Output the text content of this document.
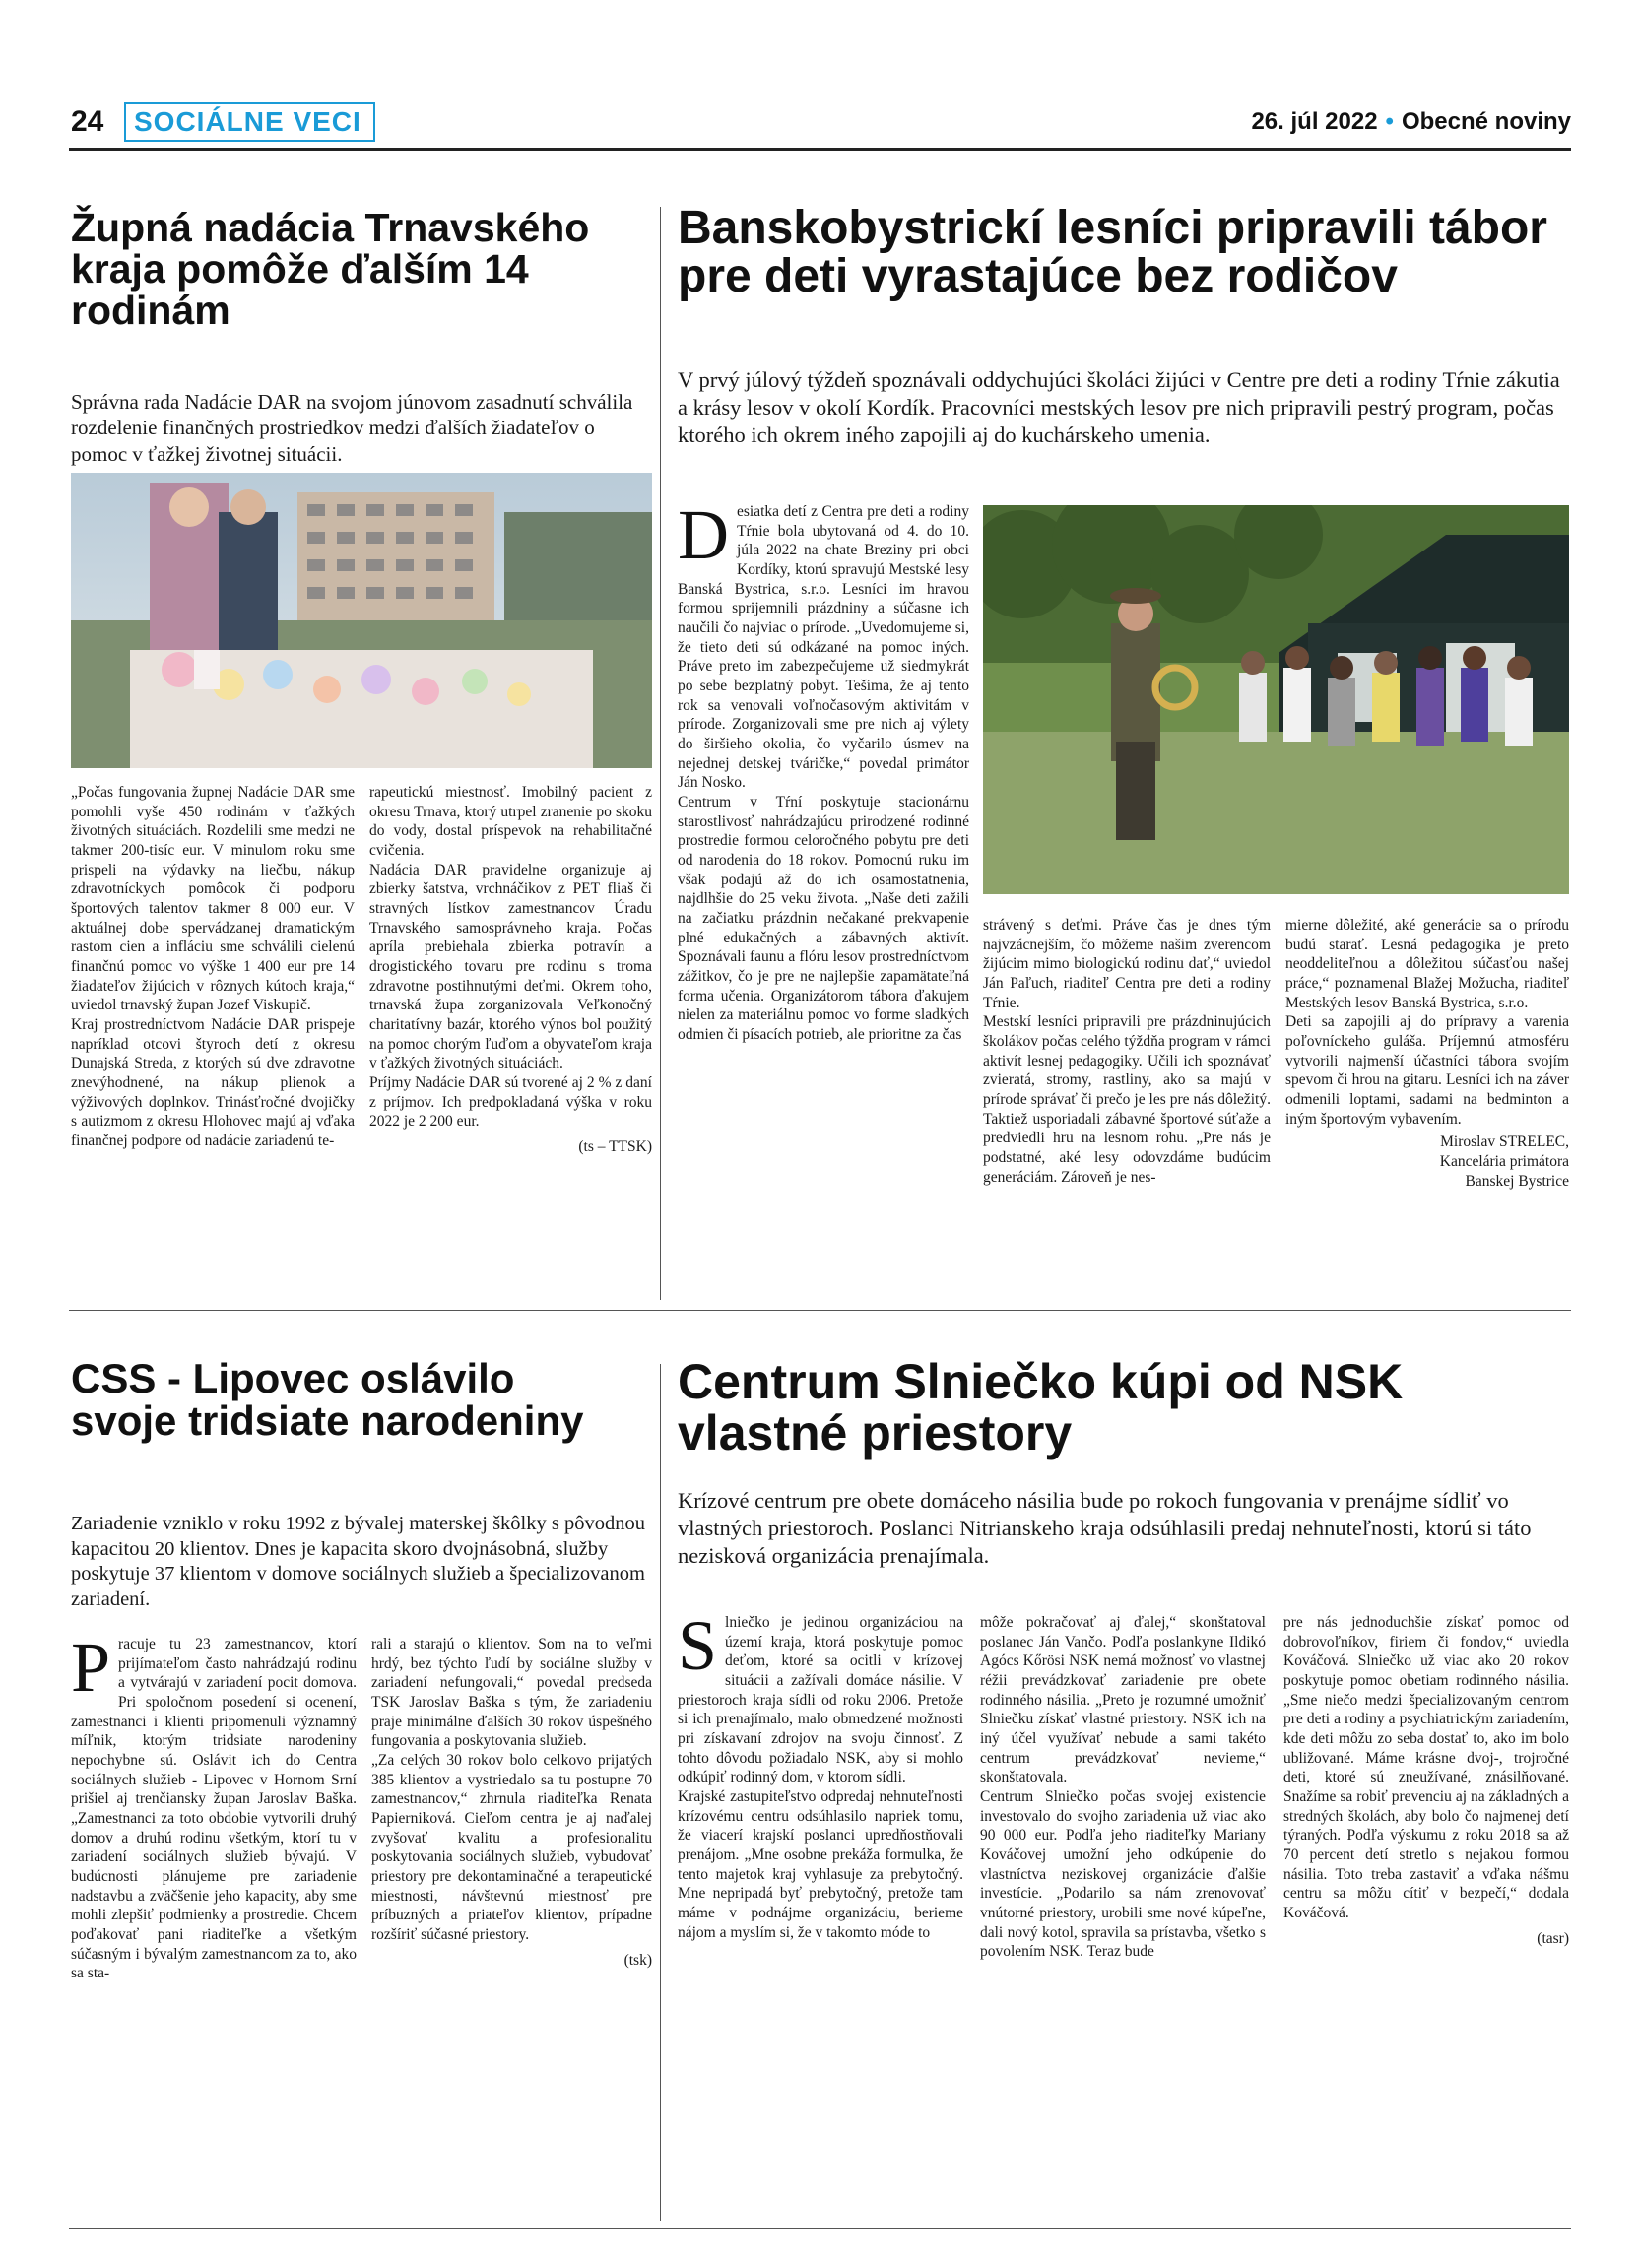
24	SOCIÁLNE VECI	26. júl 2022 • Obecné noviny
Župná nadácia Trnavského kraja pomôže ďalším 14 rodinám
Správna rada Nadácie DAR na svojom júnovom zasadnutí schválila rozdelenie finančných prostriedkov medzi ďalších žiadateľov o pomoc v ťažkej životnej situácii.

„Počas fungovania župnej Nadácie DAR sme pomohli vyše 450 rodinám v ťažkých životných situáciách. Rozdelili sme medzi ne takmer 200-tisíc eur. V minulom roku sme prispeli na výdavky na liečbu, nákup zdravotníckych pomôcok či podporu športových talentov takmer 8 000 eur. V aktuálnej dobe spervádzanej dramatickým rastom cien a infláciu sme schválili cielenú finančnú pomoc vo výške 1 400 eur pre 14 žiadateľov žijúcich v rôznych kútoch kraja,“ uviedol trnavský župan Jozef Viskupič.
Kraj prostredníctvom Nadácie DAR prispeje napríklad otcovi štyroch detí z okresu Dunajská Streda, z ktorých sú dve zdravotne znevýhodnené, na nákup plienok a výživových doplnkov. Trinásťročné dvojičky s autizmom z okresu Hlohovec majú aj vďaka finančnej podpore od nadácie zariadenú te-

rapeutickú miestnosť. Imobilný pacient z okresu Trnava, ktorý utrpel zranenie po skoku do vody, dostal príspevok na rehabilitačné cvičenia.
Nadácia DAR pravidelne organizuje aj zbierky šatstva, vrchnáčikov z PET fliaš či stravných lístkov zamestnancov Úradu Trnavského samosprávneho kraja. Počas apríla prebiehala zbierka potravín a drogistického tovaru pre rodinu s troma zdravotne postihnutými deťmi. Okrem toho, trnavská župa zorganizovala Veľkonočný charitatívny bazár, ktorého výnos bol použitý na pomoc chorým ľuďom a obyvateľom kraja v ťažkých životných situáciách.
Príjmy Nadácie DAR sú tvorené aj 2 % z daní z príjmov. Ich predpokladaná výška v roku 2022 je 2 200 eur.

(ts – TTSK)

Banskobystrickí lesníci pripravili tábor pre deti vyrastajúce bez rodičov
V prvý júlový týždeň spoznávali oddychujúci školáci žijúci v Centre pre deti a rodiny Tŕnie zákutia a krásy lesov v okolí Kordík. Pracovníci mestských lesov pre nich pripravili pestrý program, počas ktorého ich okrem iného zapojili aj do kuchárskeho umenia.
D esiatka detí z Centra pre deti a rodiny Tŕnie bola ubytovaná od 4. do 10. júla 2022 na chate Breziny pri obci Kordíky, ktorú spravujú Mestské lesy Banská Bystrica, s.r.o. Lesníci im hravou formou sprijemnili prázdniny a súčasne ich naučili čo najviac o prírode. „Uvedomujeme si, že tieto deti sú odkázané na pomoc iných. Práve preto im zabezpečujeme už siedmykrát po sebe bezplatný pobyt. Tešíma, že aj tento rok sa venovali voľnočasovým aktivitám v prírode. Zorganizovali sme pre nich aj výlety do širšieho okolia, čo vyčarilo úsmev na nejednej detskej tváričke,“ povedal primátor Ján Nosko.
Centrum v Tŕní poskytuje stacionárnu starostlivosť nahrádzajúcu prirodzené rodinné prostredie formou celoročného pobytu pre deti od narodenia do 18 rokov. Pomocnú ruku im však podajú až do ich osamostatnenia, najdlhšie do 25 veku života. „Naše deti zažili na začiatku prázdnin nečakané prekvapenie plné edukačných a zábavných aktivít. Spoznávali faunu a flóru lesov prostredníctvom zážitkov, čo je pre ne najlepšie zapamätateľná forma učenia. Organizátorom tábora ďakujem nielen za materiálnu pomoc vo forme sladkých odmien či písacích potrieb, ale prioritne za čas

strávený s deťmi. Práve čas je dnes tým najvzácnejším, čo môžeme našim zverencom žijúcim mimo biologickú rodinu dať,“ uviedol Ján Paľuch, riaditeľ Centra pre deti a rodiny Tŕnie.
Mestskí lesníci pripravili pre prázdninujúcich školákov počas celého týždňa program v rámci aktivít lesnej pedagogiky. Učili ich spoznávať zvieratá, stromy, rastliny, ako sa majú v prírode správať či prečo je les pre nás dôležitý. Taktiež usporiadali zábavné športové súťaže a predviedli hru na lesnom rohu. „Pre nás je podstatné, aké lesy odovzdáme budúcim generáciám. Zároveň je nes-

mierne dôležité, aké generácie sa o prírodu budú starať. Lesná pedagogika je preto neoddeliteľnou a dôležitou súčasťou našej práce,“ poznamenal Blažej Možucha, riaditeľ Mestských lesov Banská Bystrica, s.r.o.
Deti sa zapojili aj do prípravy a varenia poľovníckeho guláša. Príjemnú atmosféru vytvorili najmenší účastníci tábora svojím spevom či hrou na gitaru. Lesníci ich na záver odmenili loptami, sadami na bedminton a iným športovým vybavením.

Miroslav STRELEC,

Kancelária primátora

Banskej Bystrice

CSS - Lipovec oslávilo svoje tridsiate narodeniny
Zariadenie vzniklo v roku 1992 z bývalej materskej škôlky s pôvodnou kapacitou 20 klientov. Dnes je kapacita skoro dvojnásobná, služby poskytuje 37 klientom v domove sociálnych služieb a špecializovanom zariadení.
P racuje tu 23 zamestnancov, ktorí prijímateľom často nahrádzajú rodinu a vytvárajú v zariadení pocit domova. Pri spoločnom posedení si ocenení, zamestnanci i klienti pripomenuli významný míľnik, ktorým tridsiate narodeniny nepochybne sú. Oslávit ich do Centra sociálnych služieb - Lipovec v Hornom Srní prišiel aj trenčiansky župan Jaroslav Baška. „Zamestnanci za toto obdobie vytvorili druhý domov a druhú rodinu všetkým, ktorí tu v zariadení sociálnych služieb bývajú. V budúcnosti plánujeme pre zariadenie nadstavbu a zväčšenie jeho kapacity, aby sme mohli zlepšiť podmienky a prostredie. Chcem poďakovať pani riaditeľke a všetkým súčasným i bývalým zamestnancom za to, ako sa sta-

rali a starajú o klientov. Som na to veľmi hrdý, bez týchto ľudí by sociálne služby v zariadení nefungovali,“ povedal predseda TSK Jaroslav Baška s tým, že zariadeniu praje minimálne ďalších 30 rokov úspešného fungovania a poskytovania služieb.
„Za celých 30 rokov bolo celkovo prijatých 385 klientov a vystriedalo sa tu postupne 70 zamestnancov,“ zhrnula riaditeľka Renata Papierniková. Cieľom centra je aj naďalej zvyšovať kvalitu a profesionalitu poskytovania sociálnych služieb, vybudovať priestory pre dekontaminačné a terapeutické miestnosti, návštevnú miestnosť pre príbuzných a priateľov klientov, prípadne rozšíriť súčasné priestory.

(tsk)

Centrum Slniečko kúpi od NSK vlastné priestory
Krízové centrum pre obete domáceho násilia bude po rokoch fungovania v prenájme sídliť vo vlastných priestoroch. Poslanci Nitrianskeho kraja odsúhlasili predaj nehnuteľnosti, ktorú si táto nezisková organizácia prenajímala.
S lniečko je jedinou organizáciou na území kraja, ktorá poskytuje pomoc deťom, ktoré sa ocitli v krízovej situácii a zažívali domáce násilie. V priestoroch kraja sídli od roku 2006. Pretože si ich prenajímalo, malo obmedzené možnosti pri získavaní zdrojov na svoju činnosť. Z tohto dôvodu požiadalo NSK, aby si mohlo odkúpiť rodinný dom, v ktorom sídli.
Krajské zastupiteľstvo odpredaj nehnuteľnosti krízovému centru odsúhlasilo napriek tomu, že viacerí krajskí poslanci upredňostňovali prenájom. „Mne osobne prekáža formulka, že tento majetok kraj vyhlasuje za prebytočný. Mne nepripadá byť prebytočný, pretože tam máme v podnájme organizáciu, berieme nájom a myslím si, že v takomto móde to

môže pokračovať aj ďalej,“ skonštatoval poslanec Ján Vančo. Podľa poslankyne Ildikó Agócs Kőrösi NSK nemá možnosť vo vlastnej réžii prevádzkovať zariadenie pre obete rodinného násilia. „Preto je rozumné umožniť Slniečku získať vlastné priestory. NSK ich na iný účel využívať nebude a sami takéto centrum prevádzkovať nevieme,“ skonštatovala.
Centrum Slniečko počas svojej existencie investovalo do svojho zariadenia už viac ako 90 000 eur. Podľa jeho riaditeľky Mariany Kováčovej umožní jeho odkúpenie do vlastníctva neziskovej organizácie ďalšie investície. „Podarilo sa nám zrenovovať vnútorné priestory, urobili sme nové kúpeľne, dali nový kotol, spravila sa prístavba, všetko s povolením NSK. Teraz bude

pre nás jednoduchšie získať pomoc od dobrovoľníkov, firiem či fondov,“ uviedla Kováčová. Slniečko už viac ako 20 rokov poskytuje pomoc obetiam rodinného násilia. „Sme niečo medzi špecializovaným centrom pre deti a rodiny a psychiatrickým zariadením, kde deti môžu zo seba dostať to, ako im bolo ubližované. Máme krásne dvoj-, trojročné deti, ktoré sú zneužívané, znásilňované. Snažíme sa robiť prevenciu aj na základných a stredných školách, aby bolo čo najmenej detí týraných. Podľa výskumu z roku 2018 sa až 70 percent detí stretlo s nejakou formou násilia. Toto treba zastaviť a vďaka nášmu centru sa môžu cítiť v bezpečí,“ dodala Kováčová.

(tasr)
